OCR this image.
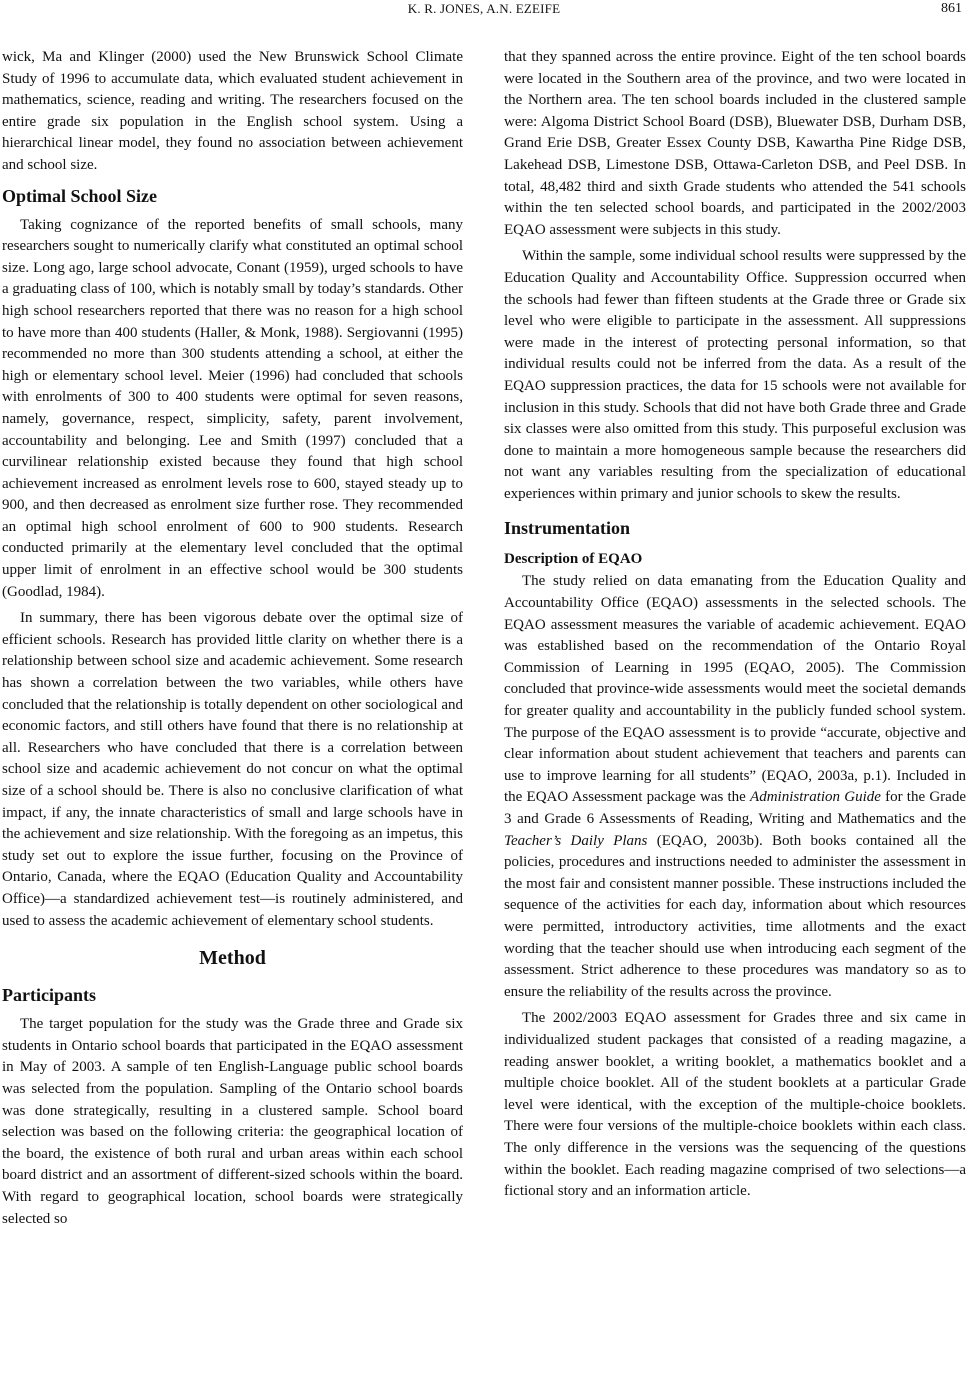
K. R. JONES, A.N. EZEIFE	861

wick, Ma and Klinger (2000) used the New Brunswick School Climate Study of 1996 to accumulate data, which evaluated student achievement in mathematics, science, reading and writing. The researchers focused on the entire grade six population in the English school system. Using a hierarchical linear model, they found no association between achievement and school size.

Optimal School Size

Taking cognizance of the reported benefits of small schools, many researchers sought to numerically clarify what constituted an optimal school size. Long ago, large school advocate, Conant (1959), urged schools to have a graduating class of 100, which is notably small by today’s standards. Other high school researchers reported that there was no reason for a high school to have more than 400 students (Haller, & Monk, 1988). Sergiovanni (1995) recommended no more than 300 students attending a school, at either the high or elementary school level. Meier (1996) had concluded that schools with enrolments of 300 to 400 students were optimal for seven reasons, namely, governance, respect, simplicity, safety, parent involvement, accountability and belonging. Lee and Smith (1997) concluded that a curvilinear relationship existed because they found that high school achievement increased as enrolment levels rose to 600, stayed steady up to 900, and then decreased as enrolment size further rose. They recommended an optimal high school enrolment of 600 to 900 students. Research conducted primarily at the elementary level concluded that the optimal upper limit of enrolment in an effective school would be 300 students (Goodlad, 1984).

In summary, there has been vigorous debate over the optimal size of efficient schools. Research has provided little clarity on whether there is a relationship between school size and academic achievement. Some research has shown a correlation between the two variables, while others have concluded that the relationship is totally dependent on other sociological and economic factors, and still others have found that there is no relationship at all. Researchers who have concluded that there is a correlation between school size and academic achievement do not concur on what the optimal size of a school should be. There is also no conclusive clarification of what impact, if any, the innate characteristics of small and large schools have in the achievement and size relationship. With the foregoing as an impetus, this study set out to explore the issue further, focusing on the Province of Ontario, Canada, where the EQAO (Education Quality and Accountability Office)—a standardized achievement test—is routinely administered, and used to assess the academic achievement of elementary school students.

Method
Participants

The target population for the study was the Grade three and Grade six students in Ontario school boards that participated in the EQAO assessment in May of 2003. A sample of ten English-Language public school boards was selected from the population. Sampling of the Ontario school boards was done strategically, resulting in a clustered sample. School board selection was based on the following criteria: the geographical location of the board, the existence of both rural and urban areas within each school board district and an assortment of different-sized schools within the board. With regard to geographical location, school boards were strategically selected so

that they spanned across the entire province. Eight of the ten school boards were located in the Southern area of the province, and two were located in the Northern area. The ten school boards included in the clustered sample were: Algoma District School Board (DSB), Bluewater DSB, Durham DSB, Grand Erie DSB, Greater Essex County DSB, Kawartha Pine Ridge DSB, Lakehead DSB, Limestone DSB, Ottawa-Carleton DSB, and Peel DSB. In total, 48,482 third and sixth Grade students who attended the 541 schools within the ten selected school boards, and participated in the 2002/2003 EQAO assessment were subjects in this study.

Within the sample, some individual school results were suppressed by the Education Quality and Accountability Office. Suppression occurred when the schools had fewer than fifteen students at the Grade three or Grade six level who were eligible to participate in the assessment. All suppressions were made in the interest of protecting personal information, so that individual results could not be inferred from the data. As a result of the EQAO suppression practices, the data for 15 schools were not available for inclusion in this study. Schools that did not have both Grade three and Grade six classes were also omitted from this study. This purposeful exclusion was done to maintain a more homogeneous sample because the researchers did not want any variables resulting from the specialization of educational experiences within primary and junior schools to skew the results.

Instrumentation
Description of EQAO

The study relied on data emanating from the Education Quality and Accountability Office (EQAO) assessments in the selected schools. The EQAO assessment measures the variable of academic achievement. EQAO was established based on the recommendation of the Ontario Royal Commission of Learning in 1995 (EQAO, 2005). The Commission concluded that province-wide assessments would meet the societal demands for greater quality and accountability in the publicly funded school system. The purpose of the EQAO assessment is to provide “accurate, objective and clear information about student achievement that teachers and parents can use to improve learning for all students” (EQAO, 2003a, p.1). Included in the EQAO Assessment package was the Administration Guide for the Grade 3 and Grade 6 Assessments of Reading, Writing and Mathematics and the Teacher’s Daily Plans (EQAO, 2003b). Both books contained all the policies, procedures and instructions needed to administer the assessment in the most fair and consistent manner possible. These instructions included the sequence of the activities for each day, information about which resources were permitted, introductory activities, time allotments and the exact wording that the teacher should use when introducing each segment of the assessment. Strict adherence to these procedures was mandatory so as to ensure the reliability of the results across the province.

The 2002/2003 EQAO assessment for Grades three and six came in individualized student packages that consisted of a reading magazine, a reading answer booklet, a writing booklet, a mathematics booklet and a multiple choice booklet. All of the student booklets at a particular Grade level were identical, with the exception of the multiple-choice booklets. There were four versions of the multiple-choice booklets within each class. The only difference in the versions was the sequencing of the questions within the booklet. Each reading magazine comprised of two selections—a fictional story and an information article.
